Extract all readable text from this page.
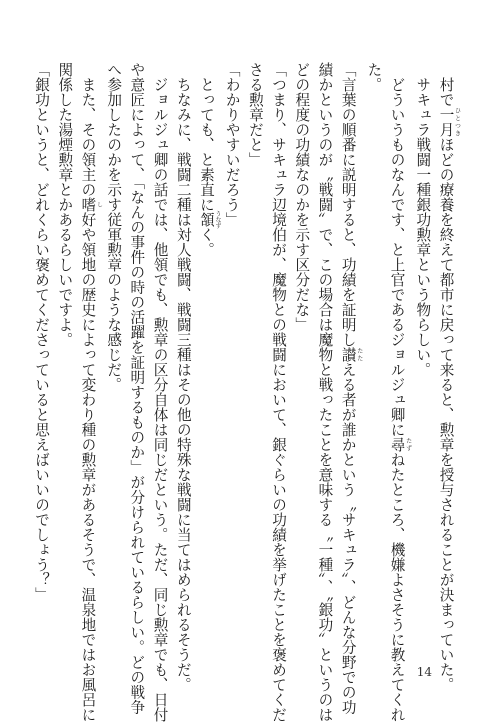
村で一月 ひとつきほどの療養を終えて都市に戻って来ると、勲章を授与されることが決まっていた。

サキュラ戦闘一種銀功勲章という物らしい。

どういうものなんです、と上官であるジョルジュ卿に尋 たずねたところ、機嫌よさそうに教えてくれ

た。

「言葉の順番に説明すると、功績を証明し讃 たたえる者が誰かという〝サキュラ〟、どんな分野での功

績かというのが〝戦闘〟で、この場合は魔物と戦ったことを意味する〝一種〟、〝銀功〟というのは

どの程度の功績なのかを示す区分だな」

「つまり、サキュラ辺境伯が、魔物との戦闘において、銀ぐらいの功績を挙げたことを褒めてくだ

さる勲章だと」

「わかりやすいだろう」

とっても、と素直に頷 うなずく。

ちなみに、戦闘二種は対人戦闘、戦闘三種はその他の特殊な戦闘に当てはめられるそうだ。

ジョルジュ卿の話では、他領でも、勲章の区分自体は同じだという。ただ、同じ勲章でも、日付

や意匠によって、「なんの事件の時の活躍を証明するものか」が分けられているらしい。どの戦争

へ参加したのかを示す従軍勲章のような感じだ。

また、その領主の嗜 し好や領地の歴史によって変わり種の勲章があるそうで、温泉地ではお風呂に

関係した湯煙勲章とかあるらしいですよ。

「銀功というと、どれくらい褒めてくださっていると思えばいいのでしょう？」

14
